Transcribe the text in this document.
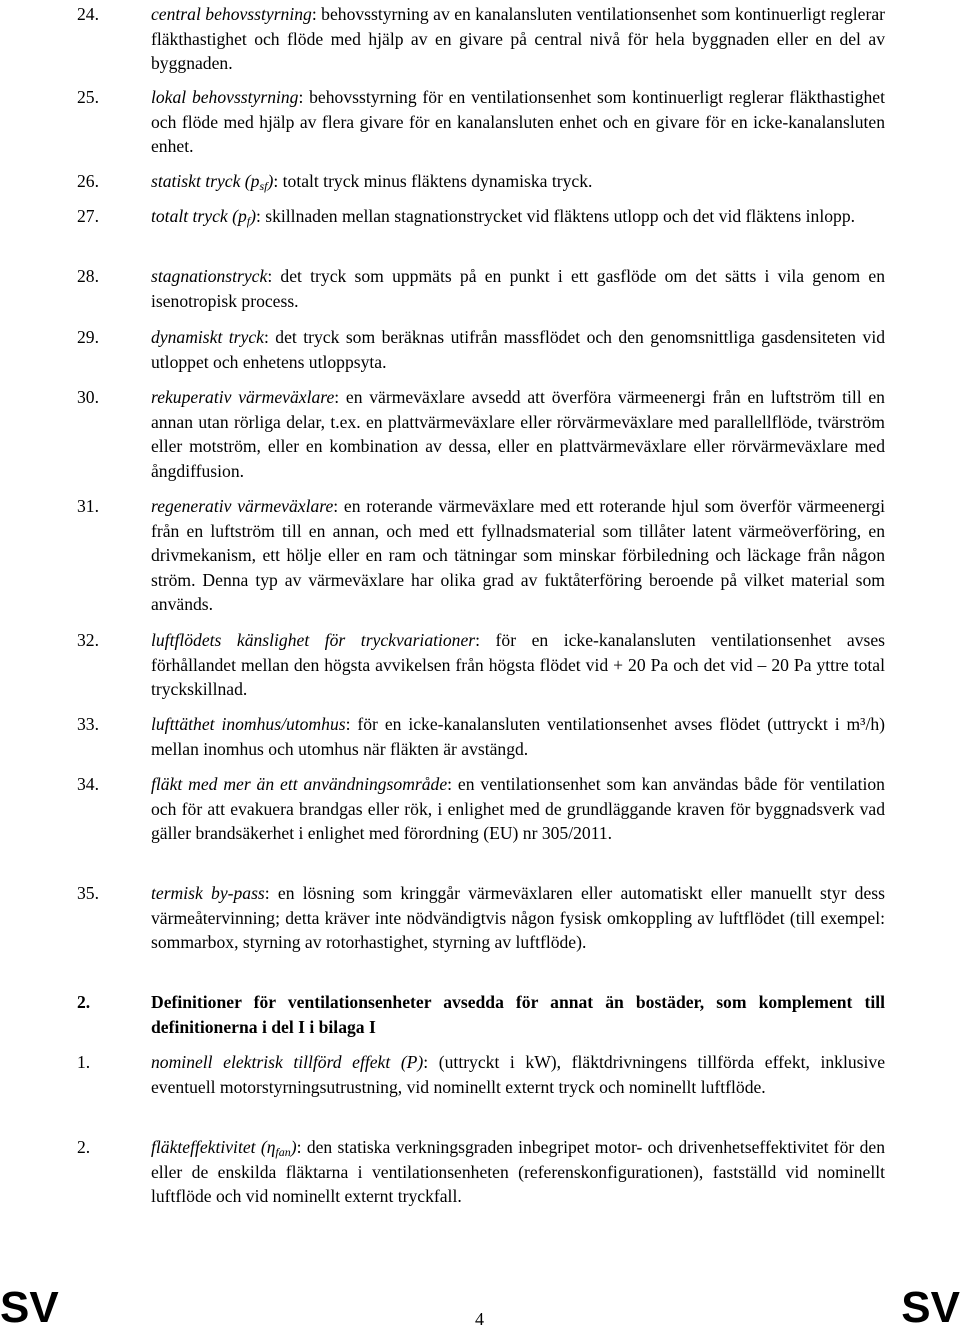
24.	central behovsstyrning: behovsstyrning av en kanalansluten ventilationsenhet som kontinuerligt reglerar fläkthastighet och flöde med hjälp av en givare på central nivå för hela byggnaden eller en del av byggnaden.
25.	lokal behovsstyrning: behovsstyrning för en ventilationsenhet som kontinuerligt reglerar fläkthastighet och flöde med hjälp av flera givare för en kanalansluten enhet och en givare för en icke-kanalansluten enhet.
26.	statiskt tryck $(p_{sf})$: totalt tryck minus fläktens dynamiska tryck.
27.	totalt tryck $(p_f)$: skillnaden mellan stagnationstrycket vid fläktens utlopp och det vid fläktens inlopp.
28.	stagnationstryck: det tryck som uppmäts på en punkt i ett gasflöde om det sätts i vila genom en isenotropisk process.
29.	dynamiskt tryck: det tryck som beräknas utifrån massflödet och den genomsnittliga gasdensiteten vid utloppet och enhetens utloppsyta.
30.	rekuperativ värmeväxlare: en värmeväxlare avsedd att överföra värmeenergi från en luftström till en annan utan rörliga delar, t.ex. en plattvärmeväxlare eller rörvärmeväxlare med parallellflöde, tvärström eller motström, eller en kombination av dessa, eller en plattvärmeväxlare eller rörvärmeväxlare med ångdiffusion.
31.	regenerativ värmeväxlare: en roterande värmeväxlare med ett roterande hjul som överför värmeenergi från en luftström till en annan, och med ett fyllnadsmaterial som tillåter latent värmeöverföring, en drivmekanism, ett hölje eller en ram och tätningar som minskar förbiledning och läckage från någon ström. Denna typ av värmeväxlare har olika grad av fuktåterföring beroende på vilket material som används.
32.	luftflödets känslighet för tryckvariationer: för en icke-kanalansluten ventilationsenhet avses förhållandet mellan den högsta avvikelsen från högsta flödet vid + 20 Pa och det vid – 20 Pa yttre total tryckskillnad.
33.	lufttäthet inomhus/utomhus: för en icke-kanalansluten ventilationsenhet avses flödet (uttryckt i m³/h) mellan inomhus och utomhus när fläkten är avstängd.
34.	fläkt med mer än ett användningsområde: en ventilationsenhet som kan användas både för ventilation och för att evakuera brandgas eller rök, i enlighet med de grundläggande kraven för byggnadsverk vad gäller brandsäkerhet i enlighet med förordning (EU) nr 305/2011.
35.	termisk by-pass: en lösning som kringgår värmeväxlaren eller automatiskt eller manuellt styr dess värmeåtervinning; detta kräver inte nödvändigtvis någon fysisk omkoppling av luftflödet (till exempel: sommarbox, styrning av rotorhastighet, styrning av luftflöde).
2.	Definitioner för ventilationsenheter avsedda för annat än bostäder, som komplement till definitionerna i del I i bilaga I
1.	nominell elektrisk tillförd effekt (P): (uttryckt i kW), fläktdrivningens tillförda effekt, inklusive eventuell motorstyrningsutrustning, vid nominellt externt tryck och nominellt luftflöde.
2.	fläkteffektivitet $(\eta_{fan})$: den statiska verkningsgraden inbegripet motor- och drivenhetseffektivitet för den eller de enskilda fläktarna i ventilationsenheten (referenskonfigurationen), fastställd vid nominellt luftflöde och vid nominellt externt tryckfall.
SV	4	SV
